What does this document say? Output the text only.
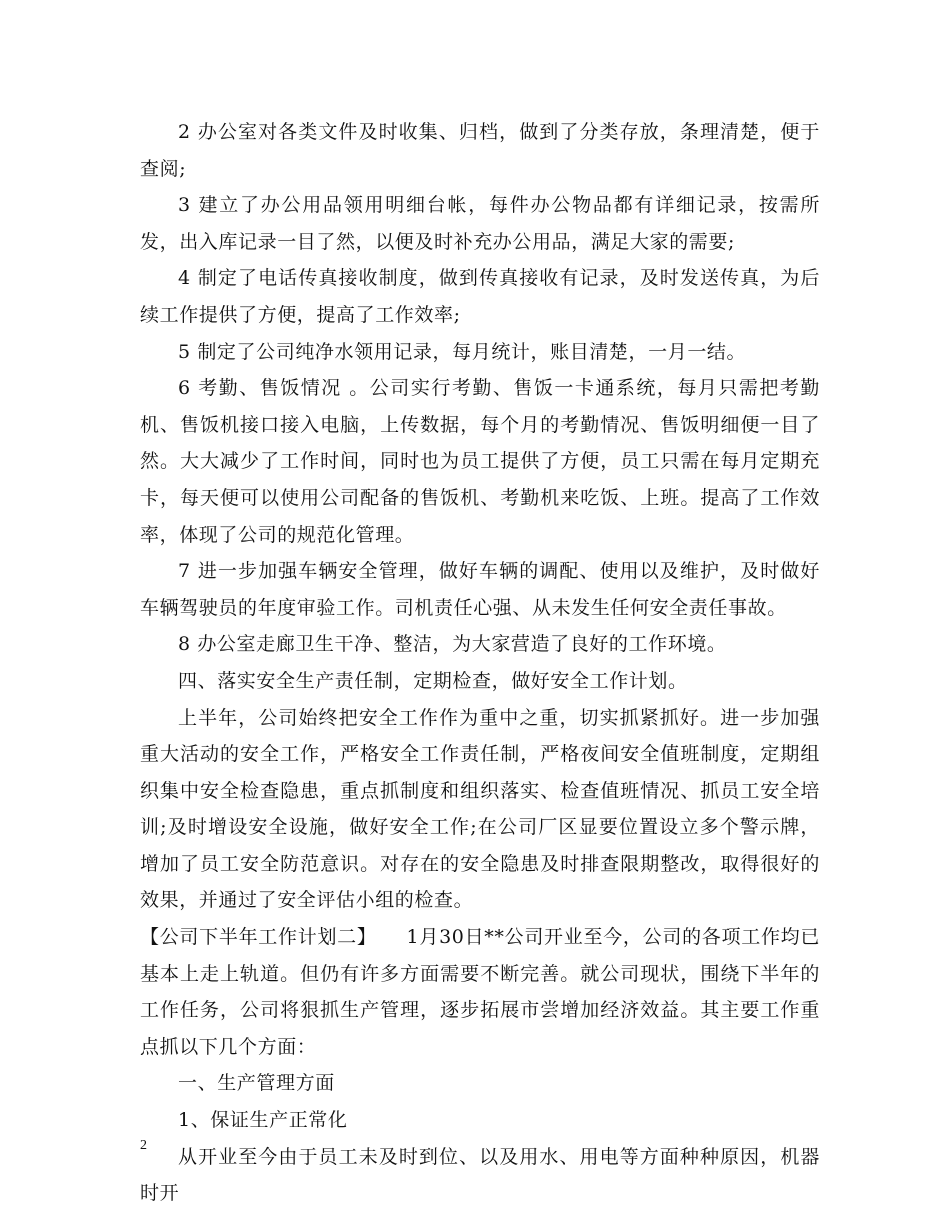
2 办公室对各类文件及时收集、归档，做到了分类存放，条理清楚，便于查阅;

3 建立了办公用品领用明细台帐，每件办公物品都有详细记录，按需所发，出入库记录一目了然，以便及时补充办公用品，满足大家的需要;

4 制定了电话传真接收制度，做到传真接收有记录，及时发送传真，为后续工作提供了方便，提高了工作效率;

5 制定了公司纯净水领用记录，每月统计，账目清楚，一月一结。

6 考勤、售饭情况 。公司实行考勤、售饭一卡通系统，每月只需把考勤机、售饭机接口接入电脑，上传数据，每个月的考勤情况、售饭明细便一目了然。大大减少了工作时间，同时也为员工提供了方便，员工只需在每月定期充卡，每天便可以使用公司配备的售饭机、考勤机来吃饭、上班。提高了工作效率，体现了公司的规范化管理。

7 进一步加强车辆安全管理，做好车辆的调配、使用以及维护，及时做好车辆驾驶员的年度审验工作。司机责任心强、从未发生任何安全责任事故。

8 办公室走廊卫生干净、整洁，为大家营造了良好的工作环境。

四、落实安全生产责任制，定期检查，做好安全工作计划。

上半年，公司始终把安全工作作为重中之重，切实抓紧抓好。进一步加强重大活动的安全工作，严格安全工作责任制，严格夜间安全值班制度，定期组织集中安全检查隐患，重点抓制度和组织落实、检查值班情况、抓员工安全培训;及时增设安全设施，做好安全工作;在公司厂区显要位置设立多个警示牌，增加了员工安全防范意识。对存在的安全隐患及时排查限期整改，取得很好的效果，并通过了安全评估小组的检查。

【公司下半年工作计划二】　　1月30日**公司开业至今，公司的各项工作均已基本上走上轨道。但仍有许多方面需要不断完善。就公司现状，围绕下半年的工作任务，公司将狠抓生产管理，逐步拓展市尝增加经济效益。其主要工作重点抓以下几个方面：

一、生产管理方面

1、保证生产正常化

从开业至今由于员工未及时到位、以及用水、用电等方面种种原因，机器时开

2
